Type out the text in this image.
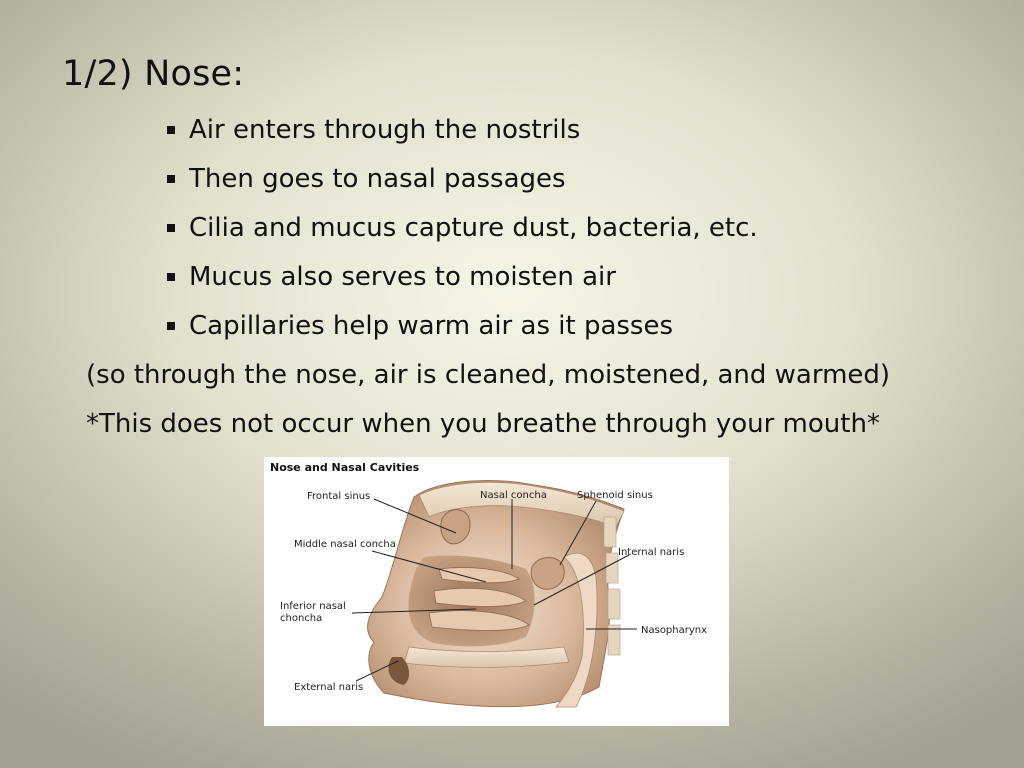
1/2) Nose:
Air enters through the nostrils
Then goes to nasal passages
Cilia and mucus capture dust, bacteria, etc.
Mucus also serves to moisten air
Capillaries help warm air as it passes
(so through the nose, air is cleaned, moistened, and warmed)
*This does not occur when you breathe through your mouth*
Nose and Nasal Cavities
Frontal sinus	Nasal concha	Sphenoid sinus
Middle nasal concha
Internal naris
Inferior nasal
choncha
Nasopharynx
External naris
